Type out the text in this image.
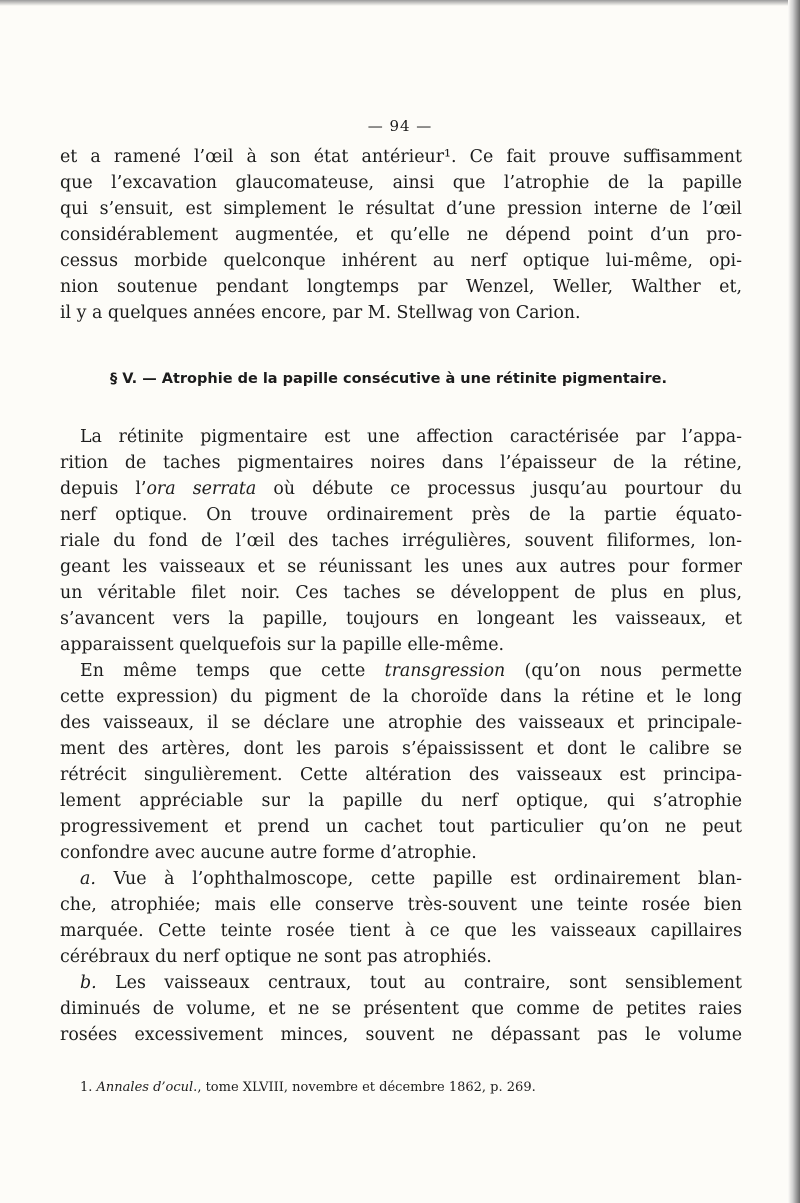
— 94 —
et a ramené l’œil à son état antérieur¹. Ce fait prouve suffisamment
que l’excavation glaucomateuse, ainsi que l’atrophie de la papille
qui s’ensuit, est simplement le résultat d’une pression interne de l’œil
considérablement augmentée, et qu’elle ne dépend point d’un pro-
cessus morbide quelconque inhérent au nerf optique lui-même, opi-
nion soutenue pendant longtemps par Wenzel, Weller, Walther et,
il y a quelques années encore, par M. Stellwag von Carion.
§ V. — Atrophie de la papille consécutive à une rétinite pigmentaire.
La rétinite pigmentaire est une affection caractérisée par l’appa-
rition de taches pigmentaires noires dans l’épaisseur de la rétine,
depuis l’ora serrata où débute ce processus jusqu’au pourtour du
nerf optique. On trouve ordinairement près de la partie équato-
riale du fond de l’œil des taches irrégulières, souvent filiformes, lon-
geant les vaisseaux et se réunissant les unes aux autres pour former
un véritable filet noir. Ces taches se développent de plus en plus,
s’avancent vers la papille, toujours en longeant les vaisseaux, et
apparaissent quelquefois sur la papille elle-même.
En même temps que cette transgression (qu’on nous permette
cette expression) du pigment de la choroïde dans la rétine et le long
des vaisseaux, il se déclare une atrophie des vaisseaux et principale-
ment des artères, dont les parois s’épaississent et dont le calibre se
rétrécit singulièrement. Cette altération des vaisseaux est principa-
lement appréciable sur la papille du nerf optique, qui s’atrophie
progressivement et prend un cachet tout particulier qu’on ne peut
confondre avec aucune autre forme d’atrophie.
a. Vue à l’ophthalmoscope, cette papille est ordinairement blan-
che, atrophiée; mais elle conserve très-souvent une teinte rosée bien
marquée. Cette teinte rosée tient à ce que les vaisseaux capillaires
cérébraux du nerf optique ne sont pas atrophiés.
b. Les vaisseaux centraux, tout au contraire, sont sensiblement
diminués de volume, et ne se présentent que comme de petites raies
rosées excessivement minces, souvent ne dépassant pas le volume
1. Annales d’ocul., tome XLVIII, novembre et décembre 1862, p. 269.
